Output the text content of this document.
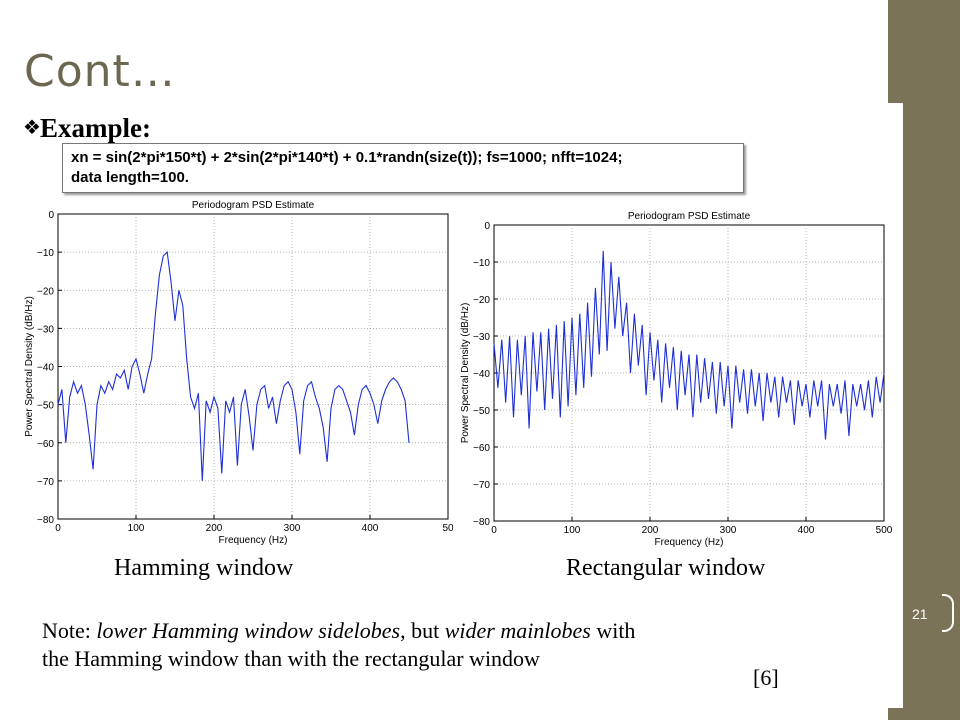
Cont…
❖ Example:
xn = sin(2*pi*150*t) + 2*sin(2*pi*140*t) + 0.1*randn(size(t)); fs=1000; nfft=1024;
data length=100.
Periodogram PSD Estimate
0	100	200	300	400	50
0
−10
−20
−30
−40
−50
−60
−70
−80
Frequency (Hz)
Power Spectral Density (dB/Hz)
Periodogram PSD Estimate
0	100	200	300	400	500
0
−10
−20
−30
−40
−50
−60
−70
−80
Frequency (Hz)
Power Spectral Density (dB/Hz)
Hamming window	Rectangular window
Note: lower Hamming window sidelobes, but wider mainlobes with the Hamming window than with the rectangular window
[6]
21
